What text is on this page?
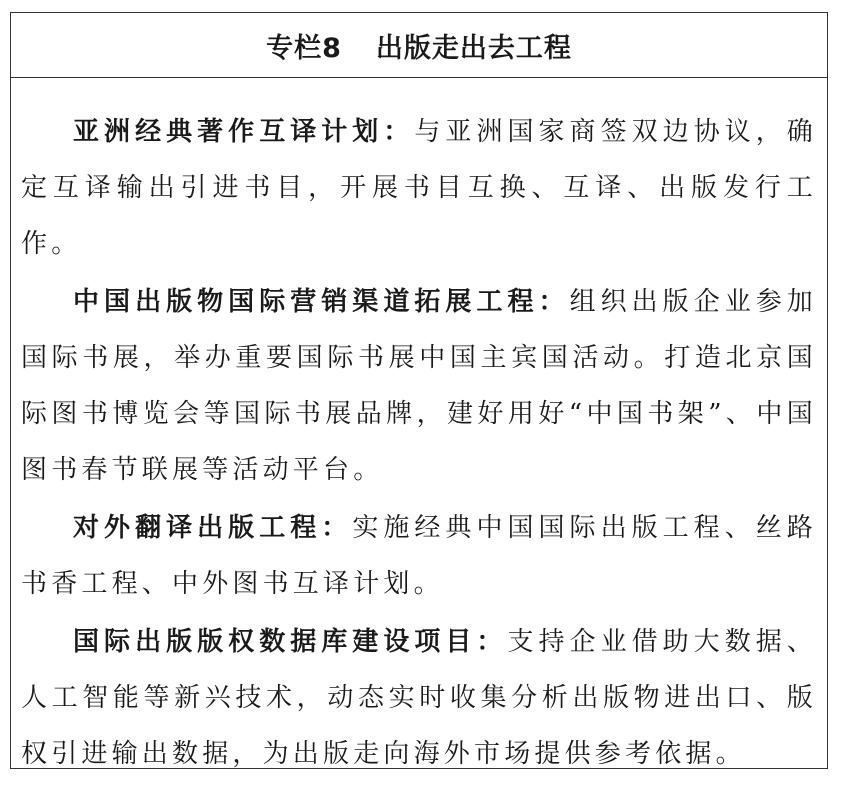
专栏8 出版走出去工程

亚洲经典著作互译计划：与亚洲国家商签双边协议，确定互译输出引进书目，开展书目互换、互译、出版发行工作。

中国出版物国际营销渠道拓展工程：组织出版企业参加国际书展，举办重要国际书展中国主宾国活动。打造北京国际图书博览会等国际书展品牌，建好用好“中国书架”、中国图书春节联展等活动平台。

对外翻译出版工程：实施经典中国国际出版工程、丝路书香工程、中外图书互译计划。

国际出版版权数据库建设项目：支持企业借助大数据、人工智能等新兴技术，动态实时收集分析出版物进出口、版权引进输出数据，为出版走向海外市场提供参考依据。
